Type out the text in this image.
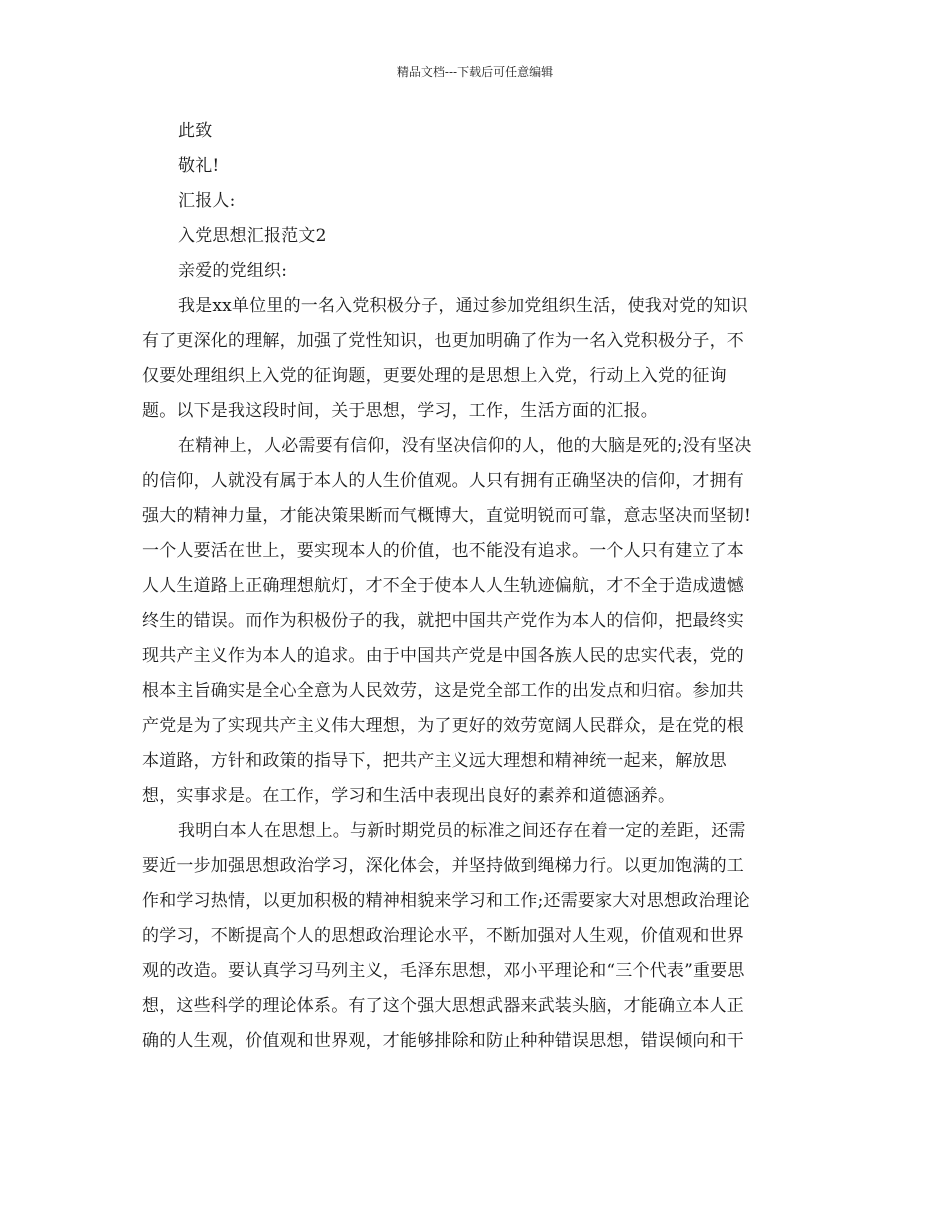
精品文档---下载后可任意编辑
此致
敬礼!
汇报人:
入党思想汇报范文2
亲爱的党组织:
我是xx单位里的一名入党积极分子，通过参加党组织生活，使我对党的知识
有了更深化的理解，加强了党性知识，也更加明确了作为一名入党积极分子，不
仅要处理组织上入党的征询题，更要处理的是思想上入党，行动上入党的征询
题。以下是我这段时间，关于思想，学习，工作，生活方面的汇报。
在精神上，人必需要有信仰，没有坚决信仰的人，他的大脑是死的;没有坚决
的信仰，人就没有属于本人的人生价值观。人只有拥有正确坚决的信仰，才拥有
强大的精神力量，才能决策果断而气概博大，直觉明锐而可靠，意志坚决而坚韧!
一个人要活在世上，要实现本人的价值，也不能没有追求。一个人只有建立了本
人人生道路上正确理想航灯，才不全于使本人人生轨迹偏航，才不全于造成遗憾
终生的错误。而作为积极份子的我，就把中国共产党作为本人的信仰，把最终实
现共产主义作为本人的追求。由于中国共产党是中国各族人民的忠实代表，党的
根本主旨确实是全心全意为人民效劳，这是党全部工作的出发点和归宿。参加共
产党是为了实现共产主义伟大理想，为了更好的效劳宽阔人民群众，是在党的根
本道路，方针和政策的指导下，把共产主义远大理想和精神统一起来，解放思
想，实事求是。在工作，学习和生活中表现出良好的素养和道德涵养。
我明白本人在思想上。与新时期党员的标准之间还存在着一定的差距，还需
要近一步加强思想政治学习，深化体会，并坚持做到绳梯力行。以更加饱满的工
作和学习热情，以更加积极的精神相貌来学习和工作;还需要家大对思想政治理论
的学习，不断提高个人的思想政治理论水平，不断加强对人生观，价值观和世界
观的改造。要认真学习马列主义，毛泽东思想，邓小平理论和“三个代表”重要思
想，这些科学的理论体系。有了这个强大思想武器来武装头脑，才能确立本人正
确的人生观，价值观和世界观，才能够排除和防止种种错误思想，错误倾向和干
